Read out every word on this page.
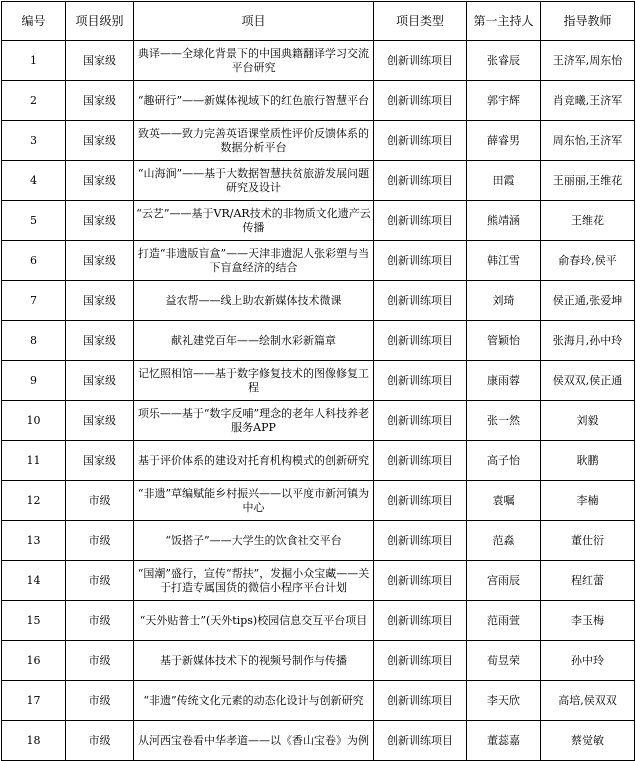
编号	项目级别	项目	项目类型	第一主持人	指导教师
1	国家级	典译——全球化背景下的中国典籍翻译学习交流平台研究	创新训练项目	张睿辰	王济军,周东怡
2	国家级	“趣研行”——新媒体视域下的红色旅行智慧平台	创新训练项目	郭宇辉	肖竞曦,王济军
3	国家级	致英——致力完善英语课堂质性评价反馈体系的数据分析平台	创新训练项目	薛睿男	周东怡,王济军
4	国家级	“山海涧”——基于大数据智慧扶贫旅游发展问题研究及设计	创新训练项目	田霞	王丽丽,王维花
5	国家级	“云艺”——基于VR/AR技术的非物质文化遗产云 传播	创新训练项目	熊靖涵	王维花
6	国家级	打造“非遗版盲盒”——天津非遗泥人张彩塑与当下盲盒经济的结合	创新训练项目	韩江雪	俞春玲,侯平
7	国家级	益农帮——线上助农新媒体技术微课	创新训练项目	刘琦	侯正通,张爱坤
8	国家级	献礼建党百年——绘制水彩新篇章	创新训练项目	管颖怡	张海月,孙中玲
9	国家级	记忆照相馆——基于数字修复技术的图像修复工程	创新训练项目	康雨蓉	侯双双,侯正通
10	国家级	项乐——基于“数字反哺”理念的老年人科技养老服务APP	创新训练项目	张一然	刘毅
11	国家级	基于评价体系的建设对托育机构模式的创新研究	创新训练项目	高子怡	耿鹏
12	市级	“非遗”草编赋能乡村振兴——以平度市新河镇为中心	创新训练项目	袁嘱	李楠
13	市级	“饭搭子”——大学生的饮食社交平台	创新训练项目	范淼	董仕衍
14	市级	“国潮”盛行，宣传“帮扶”，发掘小众宝藏——关于打造专属国货的微信小程序平台计划	创新训练项目	宫雨辰	程红蕾
15	市级	“天外贴普士”(天外tips)校园信息交互平台项目	创新训练项目	范雨萱	李玉梅
16	市级	基于新媒体技术下的视频号制作与传播	创新训练项目	荀昱荣	孙中玲
17	市级	“非遗”传统文化元素的动态化设计与创新研究	创新训练项目	李天欣	高培,侯双双
18	市级	从河西宝卷看中华孝道——以《香山宝卷》为例	创新训练项目	董蕊嘉	蔡觉敏
